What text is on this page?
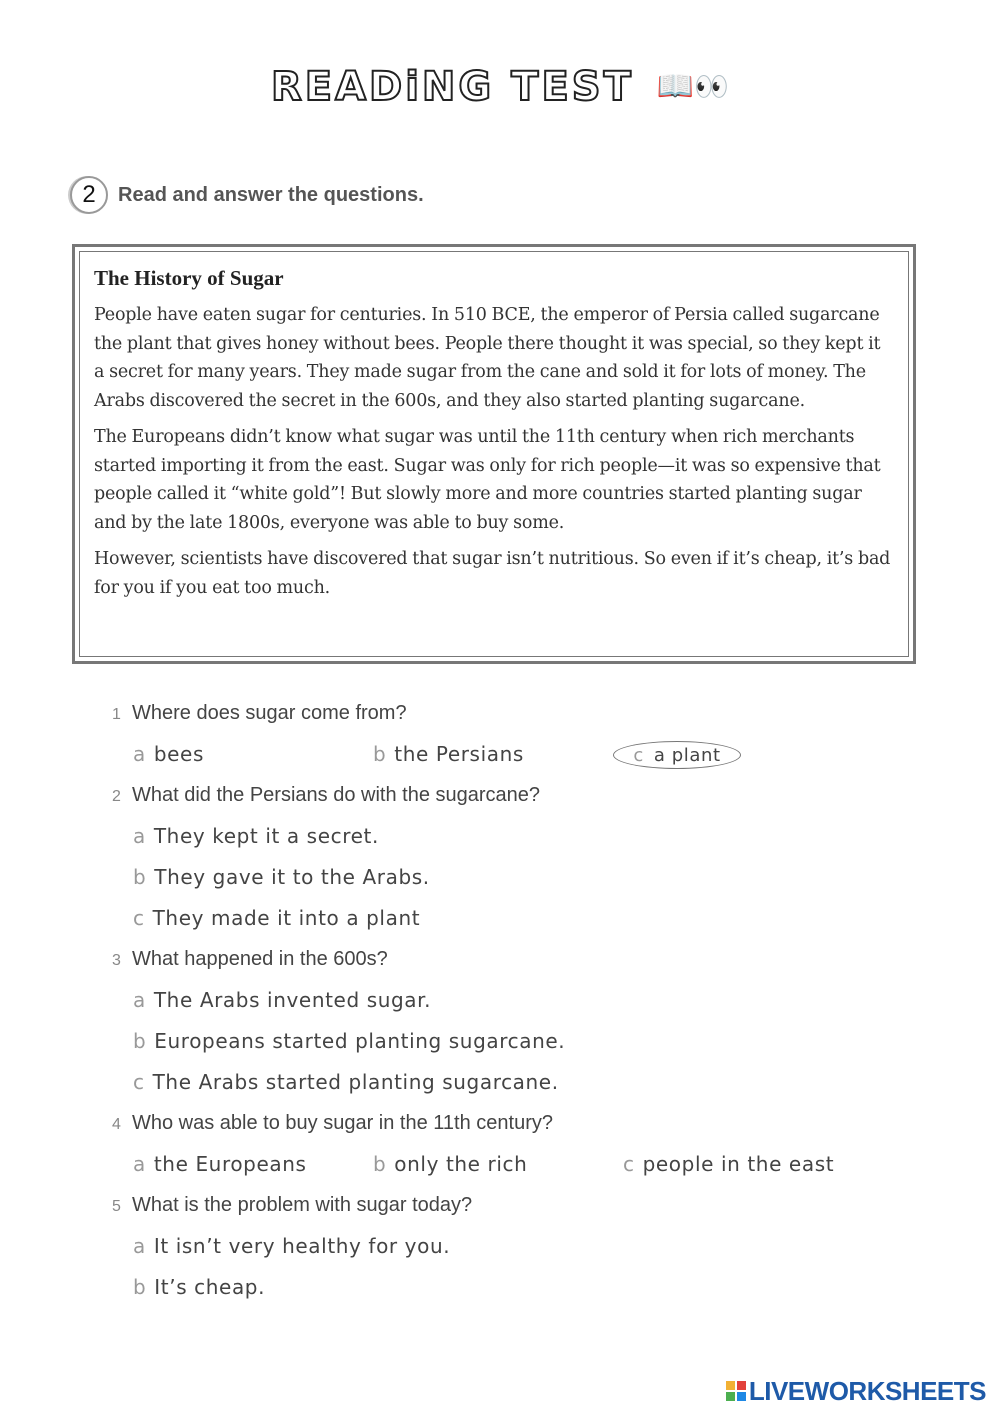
READiNG TEST 📖👀
2	Read and answer the questions.
The History of Sugar

People have eaten sugar for centuries. In 510 BCE, the emperor of Persia called sugarcane the plant that gives honey without bees. People there thought it was special, so they kept it a secret for many years. They made sugar from the cane and sold it for lots of money. The Arabs discovered the secret in the 600s, and they also started planting sugarcane.

The Europeans didn’t know what sugar was until the 11th century when rich merchants started importing it from the east. Sugar was only for rich people—it was so expensive that people called it “white gold”! But slowly more and more countries started planting sugar and by the late 1800s, everyone was able to buy some.

However, scientists have discovered that sugar isn’t nutritious. So even if it’s cheap, it’s bad for you if you eat too much.

1 Where does sugar come from?
a bees	b the Persians	c a plant
2 What did the Persians do with the sugarcane?
a They kept it a secret.
b They gave it to the Arabs.
c They made it into a plant
3 What happened in the 600s?
a The Arabs invented sugar.
b Europeans started planting sugarcane.
c The Arabs started planting sugarcane.
4 Who was able to buy sugar in the 11th century?
a the Europeans	b only the rich	c people in the east
5 What is the problem with sugar today?
a It isn’t very healthy for you.
b It’s cheap.
LIVEWORKSHEETS
